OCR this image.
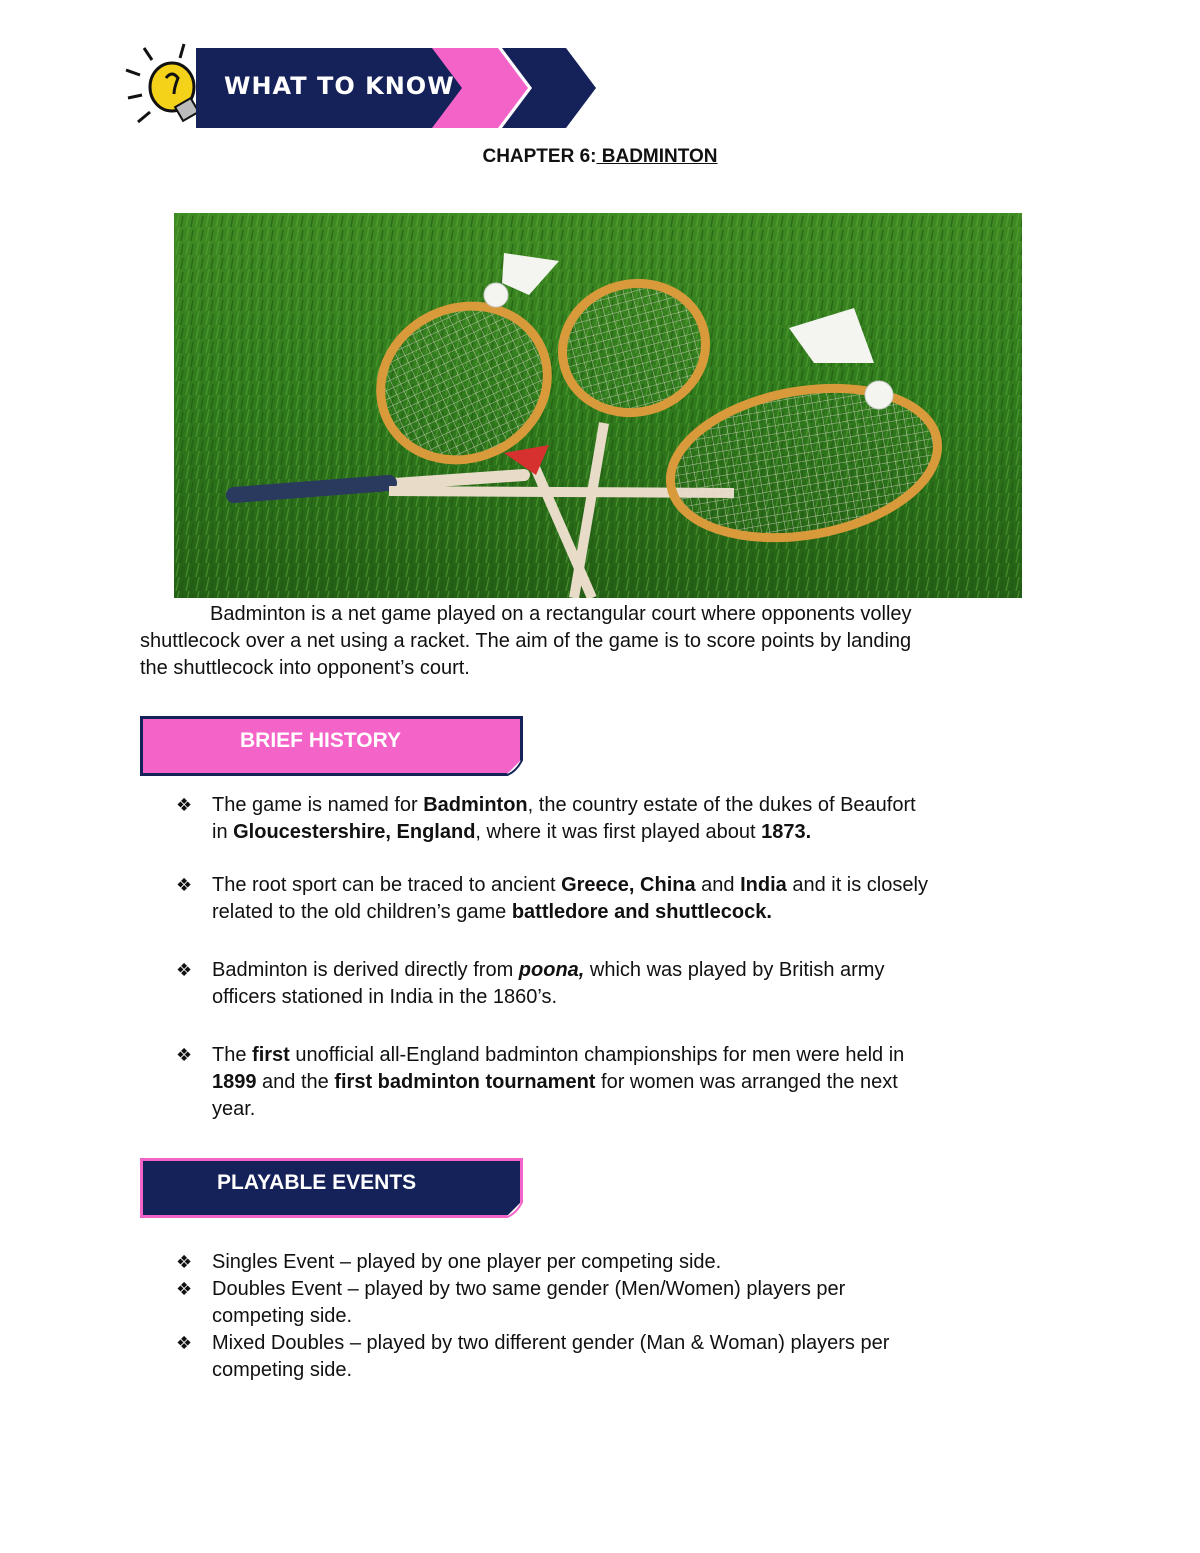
WHAT TO KNOW
CHAPTER 6: BADMINTON
Badminton is a net game played on a rectangular court where opponents volley
shuttlecock over a net using a racket. The aim of the game is to score points by landing
the shuttlecock into opponent’s court.
BRIEF HISTORY
❖ The game is named for Badminton, the country estate of the dukes of Beaufort
in Gloucestershire, England, where it was first played about 1873.
❖ The root sport can be traced to ancient Greece, China and India and it is closely
related to the old children’s game battledore and shuttlecock.
❖ Badminton is derived directly from poona, which was played by British army
officers stationed in India in the 1860’s.
❖ The first unofficial all-England badminton championships for men were held in
1899 and the first badminton tournament for women was arranged the next
year.
PLAYABLE EVENTS
❖ Singles Event – played by one player per competing side.
❖ Doubles Event – played by two same gender (Men/Women) players per
competing side.
❖ Mixed Doubles – played by two different gender (Man & Woman) players per
competing side.
